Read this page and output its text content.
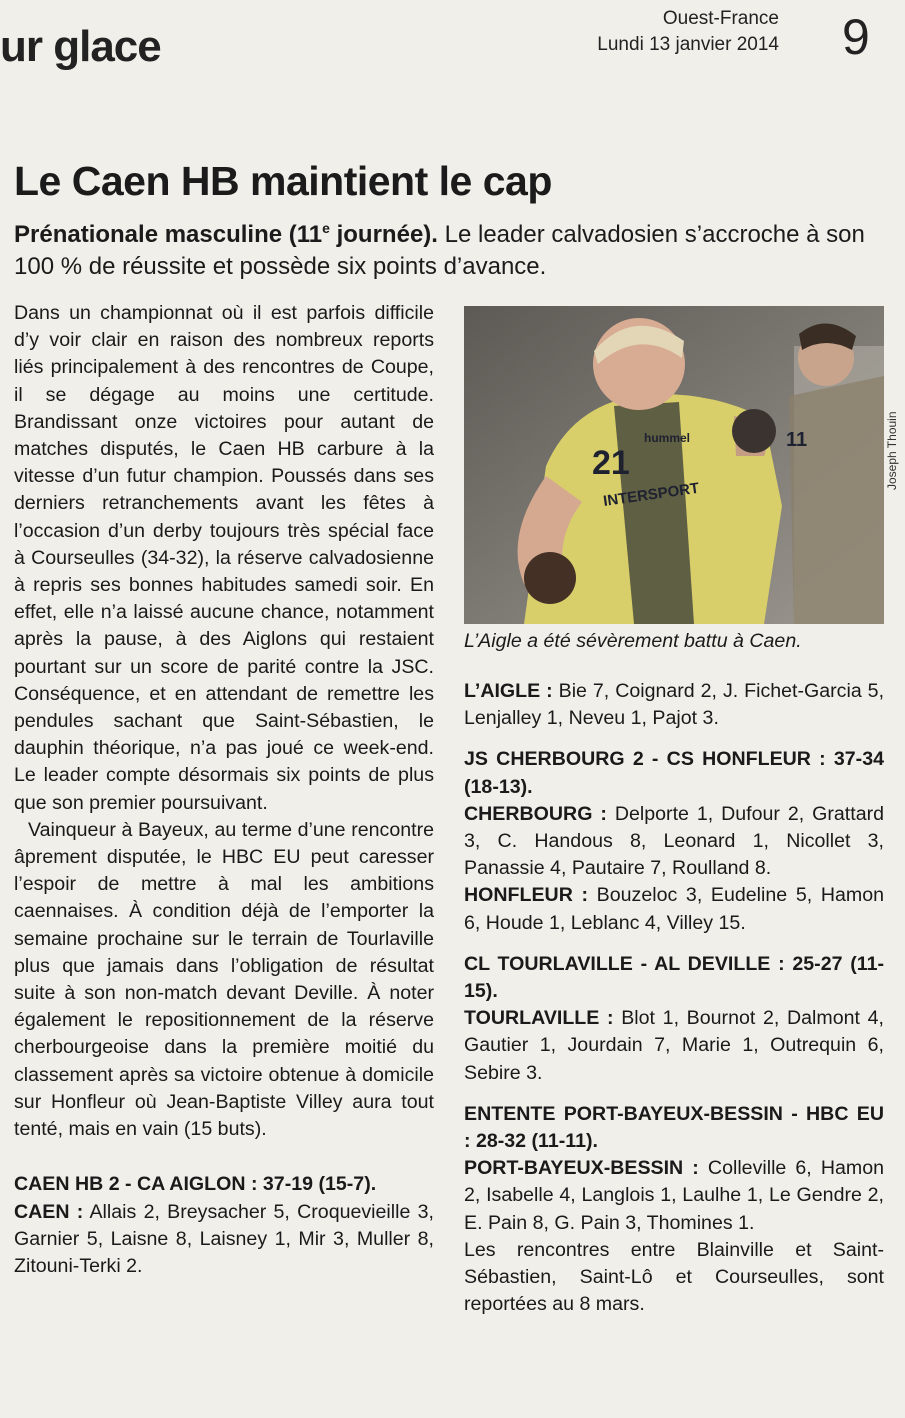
ur glace
Ouest-France
Lundi 13 janvier 2014 9
Le Caen HB maintient le cap
Prénationale masculine (11e journée). Le leader calvadosien s’accroche à son 100 % de réussite et possède six points d’avance.

Dans un championnat où il est parfois difficile d’y voir clair en raison des nombreux reports liés principalement à des rencontres de Coupe, il se dégage au moins une certitude. Brandissant onze victoires pour autant de matches disputés, le Caen HB carbure à la vitesse d’un futur champion. Poussés dans ses derniers retranchements avant les fêtes à l’occasion d’un derby toujours très spécial face à Courseulles (34-32), la réserve calvadosienne à repris ses bonnes habitudes samedi soir. En effet, elle n’a laissé aucune chance, notamment après la pause, à des Aiglons qui restaient pourtant sur un score de parité contre la JSC. Conséquence, et en attendant de remettre les pendules sachant que Saint-Sébastien, le dauphin théorique, n’a pas joué ce week-end. Le leader compte désormais six points de plus que son premier poursuivant.

Vainqueur à Bayeux, au terme d’une rencontre âprement disputée, le HBC EU peut caresser l’espoir de mettre à mal les ambitions caennaises. À condition déjà de l’emporter la semaine prochaine sur le terrain de Tourlaville plus que jamais dans l’obligation de résultat suite à son non-match devant Deville. À noter également le repositionnement de la réserve cherbourgeoise dans la première moitié du classement après sa victoire obtenue à domicile sur Honfleur où Jean-Baptiste Villey aura tout tenté, mais en vain (15 buts).

CAEN HB 2 - CA AIGLON : 37-19 (15-7).

CAEN : Allais 2, Breysacher 5, Croquevieille 3, Garnier 5, Laisne 8, Laisney 1, Mir 3, Muller 8, Zitouni-Terki 2.

21
hummel
INTERSPORT
11	Joseph Thouin
L’Aigle a été sévèrement battu à Caen.

L’AIGLE : Bie 7, Coignard 2, J. Fichet-Garcia 5, Lenjalley 1, Neveu 1, Pajot 3.

JS CHERBOURG 2 - CS HONFLEUR : 37-34 (18-13).

CHERBOURG : Delporte 1, Dufour 2, Grattard 3, C. Handous 8, Leonard 1, Nicollet 3, Panassie 4, Pautaire 7, Roulland 8.

HONFLEUR : Bouzeloc 3, Eudeline 5, Hamon 6, Houde 1, Leblanc 4, Villey 15.

CL TOURLAVILLE - AL DEVILLE : 25-27 (11-15).

TOURLAVILLE : Blot 1, Bournot 2, Dalmont 4, Gautier 1, Jourdain 7, Marie 1, Outrequin 6, Sebire 3.

ENTENTE PORT-BAYEUX-BESSIN - HBC EU : 28-32 (11-11).

PORT-BAYEUX-BESSIN : Colleville 6, Hamon 2, Isabelle 4, Langlois 1, Laulhe 1, Le Gendre 2, E. Pain 8, G. Pain 3, Thomines 1.

Les rencontres entre Blainville et Saint-Sébastien, Saint-Lô et Courseulles, sont reportées au 8 mars.
